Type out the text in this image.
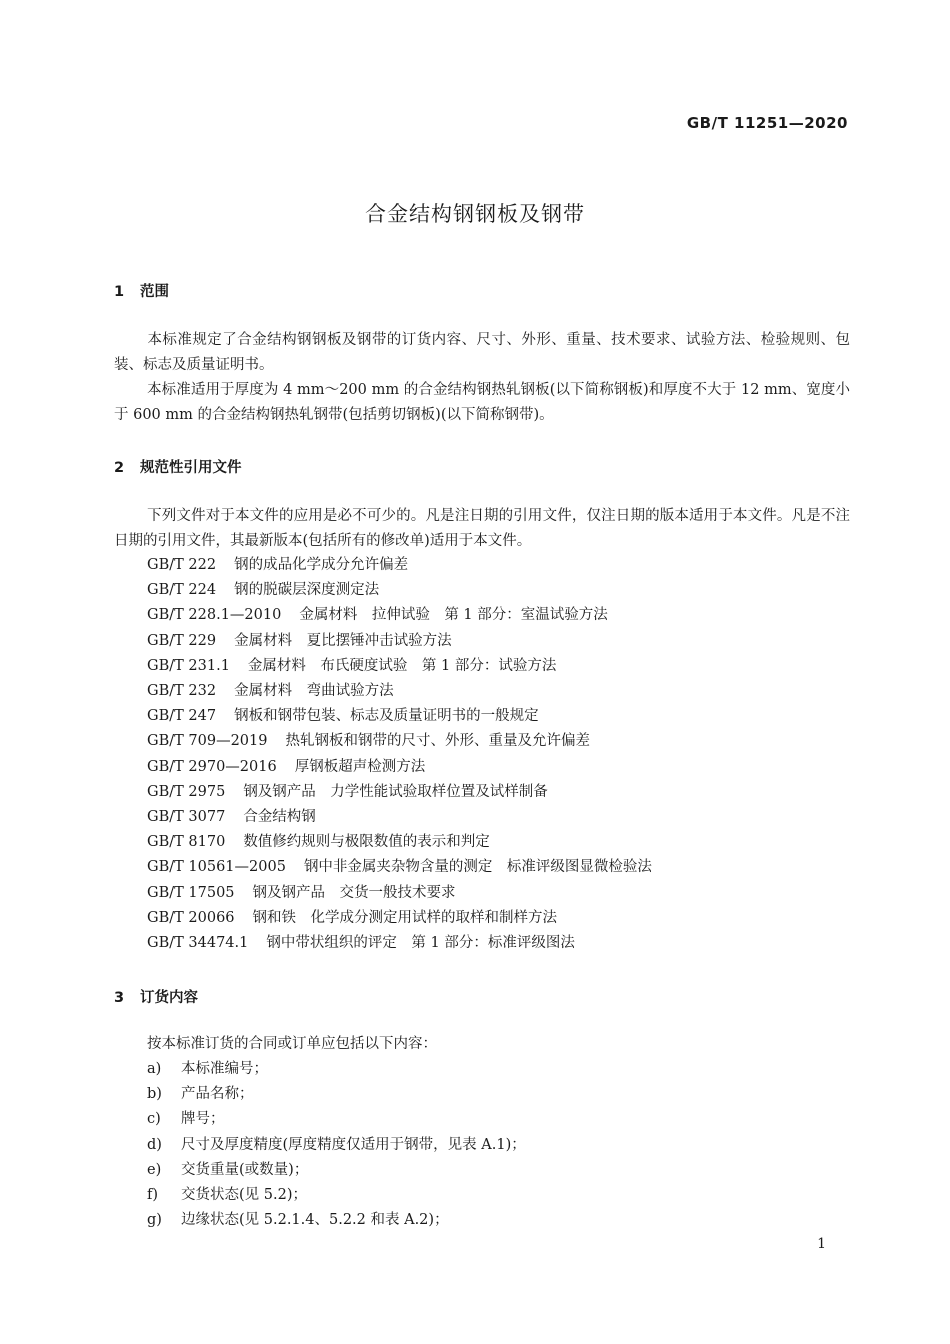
GB/T 11251—2020
合金结构钢钢板及钢带
1 范围
本标准规定了合金结构钢钢板及钢带的订货内容、尺寸、外形、重量、技术要求、试验方法、检验规则、包装、标志及质量证明书。
本标准适用于厚度为 4 mm～200 mm 的合金结构钢热轧钢板(以下简称钢板)和厚度不大于 12 mm、宽度小于 600 mm 的合金结构钢热轧钢带(包括剪切钢板)(以下简称钢带)。
2 规范性引用文件
下列文件对于本文件的应用是必不可少的。凡是注日期的引用文件，仅注日期的版本适用于本文件。凡是不注日期的引用文件，其最新版本(包括所有的修改单)适用于本文件。
GB/T 222 钢的成品化学成分允许偏差
GB/T 224 钢的脱碳层深度测定法
GB/T 228.1—2010 金属材料　拉伸试验　第 1 部分：室温试验方法
GB/T 229 金属材料　夏比摆锤冲击试验方法
GB/T 231.1 金属材料　布氏硬度试验　第 1 部分：试验方法
GB/T 232 金属材料　弯曲试验方法
GB/T 247 钢板和钢带包装、标志及质量证明书的一般规定
GB/T 709—2019 热轧钢板和钢带的尺寸、外形、重量及允许偏差
GB/T 2970—2016 厚钢板超声检测方法
GB/T 2975 钢及钢产品　力学性能试验取样位置及试样制备
GB/T 3077 合金结构钢
GB/T 8170 数值修约规则与极限数值的表示和判定
GB/T 10561—2005 钢中非金属夹杂物含量的测定　标准评级图显微检验法
GB/T 17505 钢及钢产品　交货一般技术要求
GB/T 20066 钢和铁　化学成分测定用试样的取样和制样方法
GB/T 34474.1 钢中带状组织的评定　第 1 部分：标准评级图法
3 订货内容
按本标准订货的合同或订单应包括以下内容：
a) 本标准编号；
b) 产品名称；
c) 牌号；
d) 尺寸及厚度精度(厚度精度仅适用于钢带，见表 A.1)；
e) 交货重量(或数量)；
f) 交货状态(见 5.2)；
g) 边缘状态(见 5.2.1.4、5.2.2 和表 A.2)；
1
